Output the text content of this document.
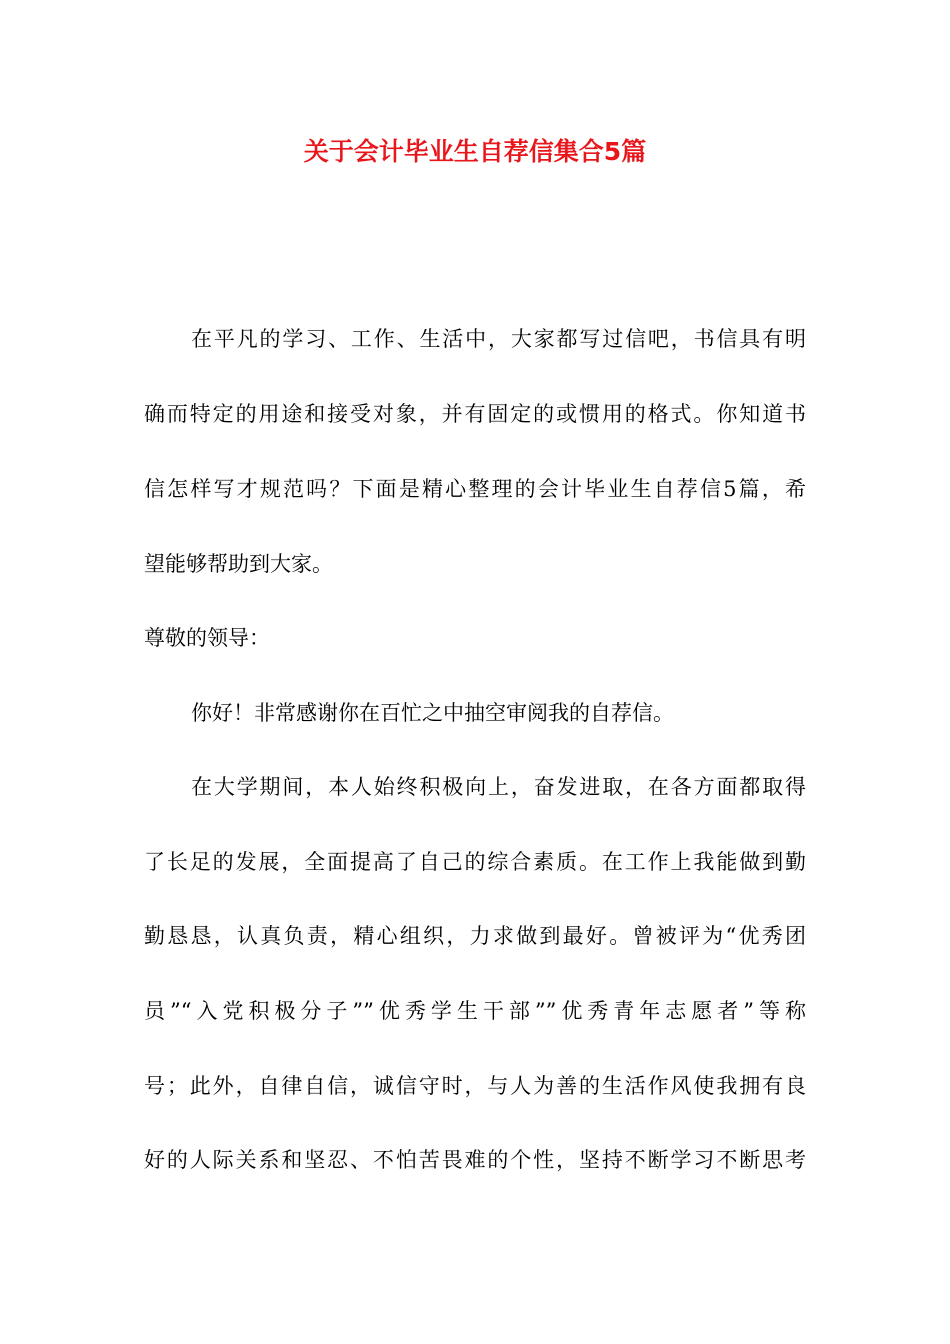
关于会计毕业生自荐信集合5篇
在平凡的学习、工作、生活中，大家都写过信吧，书信具有明
确而特定的用途和接受对象，并有固定的或惯用的格式。你知道书
信怎样写才规范吗？下面是精心整理的会计毕业生自荐信5篇，希
望能够帮助到大家。
尊敬的领导：
你好！非常感谢你在百忙之中抽空审阅我的自荐信。
在大学期间，本人始终积极向上，奋发进取，在各方面都取得
了长足的发展，全面提高了自己的综合素质。在工作上我能做到勤
勤恳恳，认真负责，精心组织，力求做到最好。曾被评为“优秀团
员”“入党积极分子””优秀学生干部””优秀青年志愿者”等称
号；此外，自律自信，诚信守时，与人为善的生活作风使我拥有良
好的人际关系和坚忍、不怕苦畏难的个性，坚持不断学习不断思考
